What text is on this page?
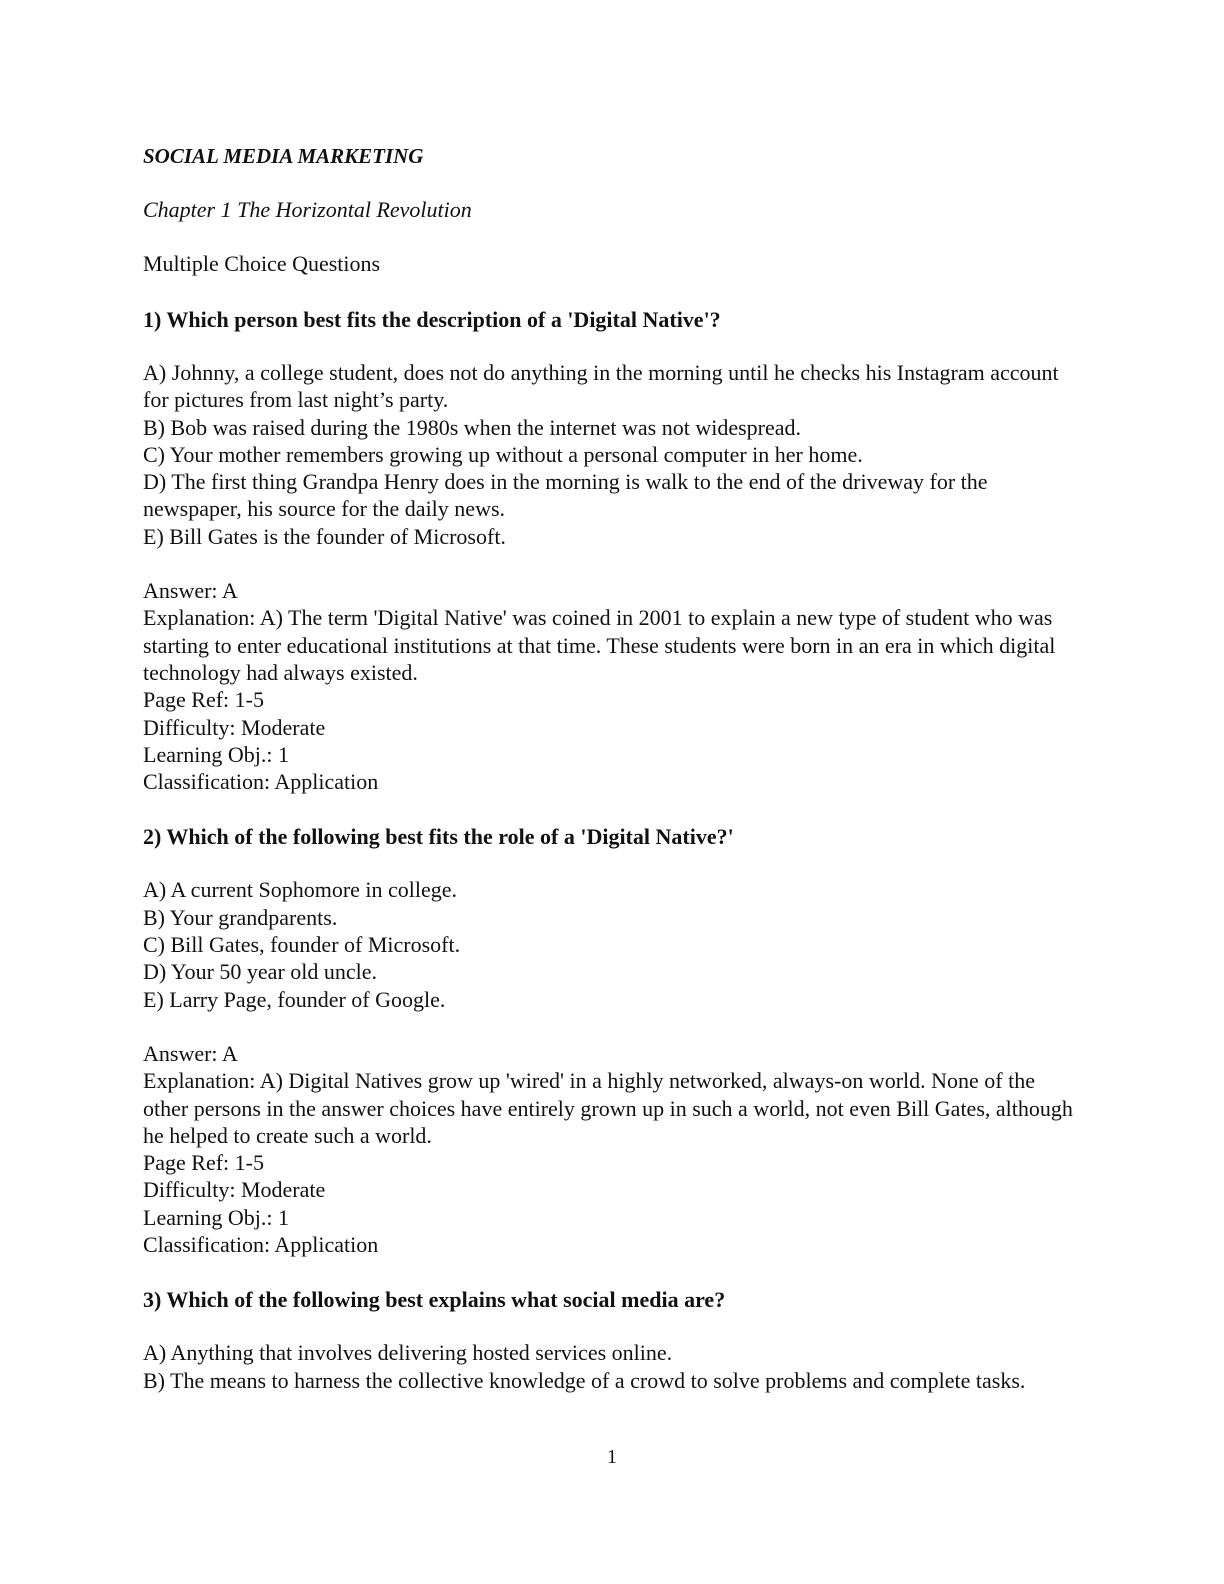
SOCIAL MEDIA MARKETING

Chapter 1 The Horizontal Revolution

Multiple Choice Questions

1) Which person best fits the description of a 'Digital Native'?

A) Johnny, a college student, does not do anything in the morning until he checks his Instagram account for pictures from last night’s party.

B) Bob was raised during the 1980s when the internet was not widespread.

C) Your mother remembers growing up without a personal computer in her home.

D) The first thing Grandpa Henry does in the morning is walk to the end of the driveway for the newspaper, his source for the daily news.

E) Bill Gates is the founder of Microsoft.

Answer: A

Explanation: A) The term 'Digital Native' was coined in 2001 to explain a new type of student who was starting to enter educational institutions at that time. These students were born in an era in which digital technology had always existed.

Page Ref: 1-5

Difficulty: Moderate

Learning Obj.: 1

Classification: Application

2) Which of the following best fits the role of a 'Digital Native?'

A) A current Sophomore in college.

B) Your grandparents.

C) Bill Gates, founder of Microsoft.

D) Your 50 year old uncle.

E) Larry Page, founder of Google.

Answer: A

Explanation: A) Digital Natives grow up 'wired' in a highly networked, always-on world. None of the other persons in the answer choices have entirely grown up in such a world, not even Bill Gates, although he helped to create such a world.

Page Ref: 1-5

Difficulty: Moderate

Learning Obj.: 1

Classification: Application

3) Which of the following best explains what social media are?

A) Anything that involves delivering hosted services online.

B) The means to harness the collective knowledge of a crowd to solve problems and complete tasks.

1
